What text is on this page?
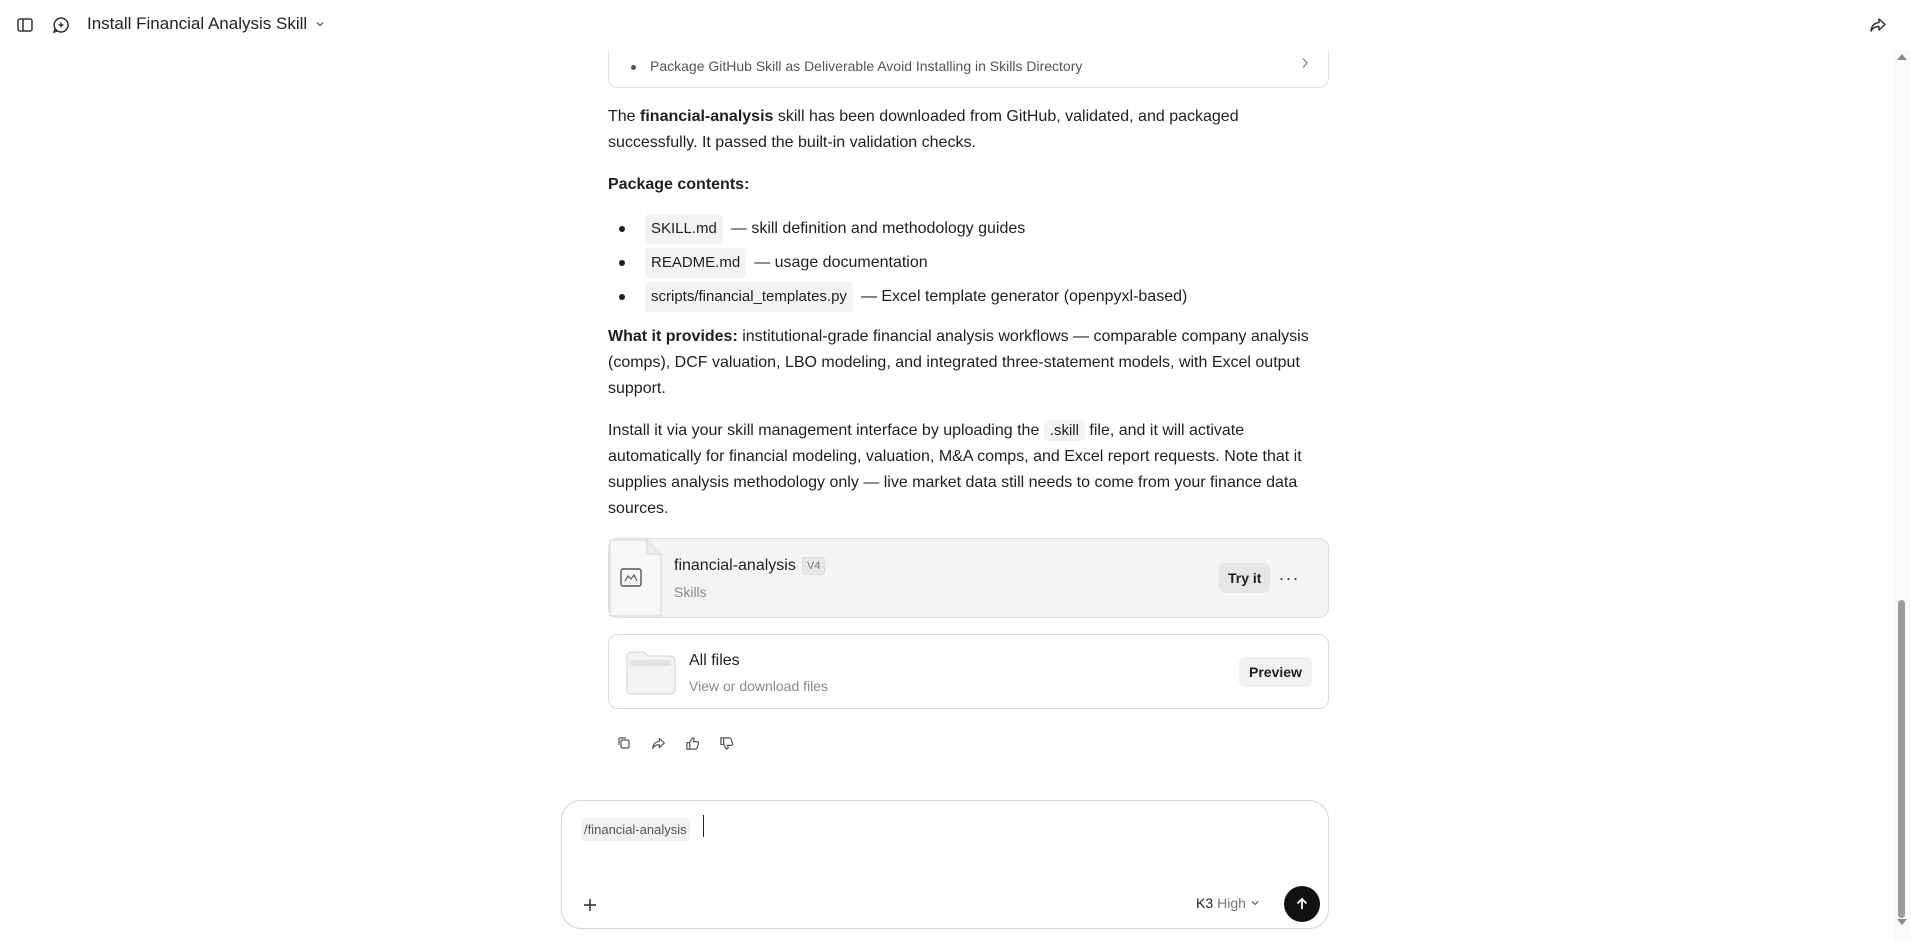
Install Financial Analysis Skill
Package GitHub Skill as Deliverable Avoid Installing in Skills Directory
The financial-analysis skill has been downloaded from GitHub, validated, and packaged successfully. It passed the built-in validation checks.
Package contents:
SKILL.md — skill definition and methodology guides
README.md — usage documentation
scripts/financial_templates.py — Excel template generator (openpyxl-based)
What it provides: institutional-grade financial analysis workflows — comparable company analysis (comps), DCF valuation, LBO modeling, and integrated three-statement models, with Excel output support.
Install it via your skill management interface by uploading the .skill file, and it will activate automatically for financial modeling, valuation, M&A comps, and Excel report requests. Note that it supplies analysis methodology only — live market data still needs to come from your finance data sources.
financial-analysis	V4
Skills
Try it ···
All files
View or download files
Preview
/financial-analysis
K3 High
